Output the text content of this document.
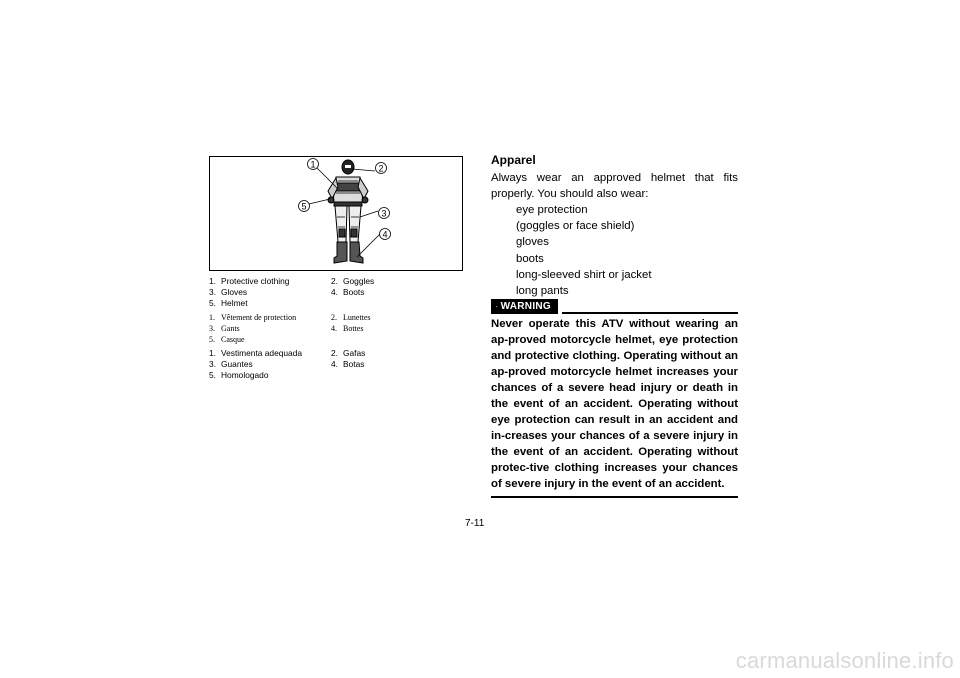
1	2
3
4
5
1. Protective clothing	2. Goggles
3. Gloves	4. Boots
5. Helmet
1. Vêtement de protection	2. Lunettes
3. Gants	4. Bottes
5. Casque
1. Vestimenta adequada	2. Gafas
3. Guantes	4. Botas
5. Homologado
Apparel
Always wear an approved helmet that fits properly. You should also wear:
eye protection
(goggles or face shield)
gloves
boots
long-sleeved shirt or jacket
long pants
WARNING
Never operate this ATV without wearing an ap-proved motorcycle helmet, eye protection and protective clothing. Operating without an ap-proved motorcycle helmet increases your chances of a severe head injury or death in the event of an accident. Operating without eye protection can result in an accident and in-creases your chances of a severe injury in the event of an accident. Operating without protec-tive clothing increases your chances of severe injury in the event of an accident.
7-11
carmanualsonline.info
